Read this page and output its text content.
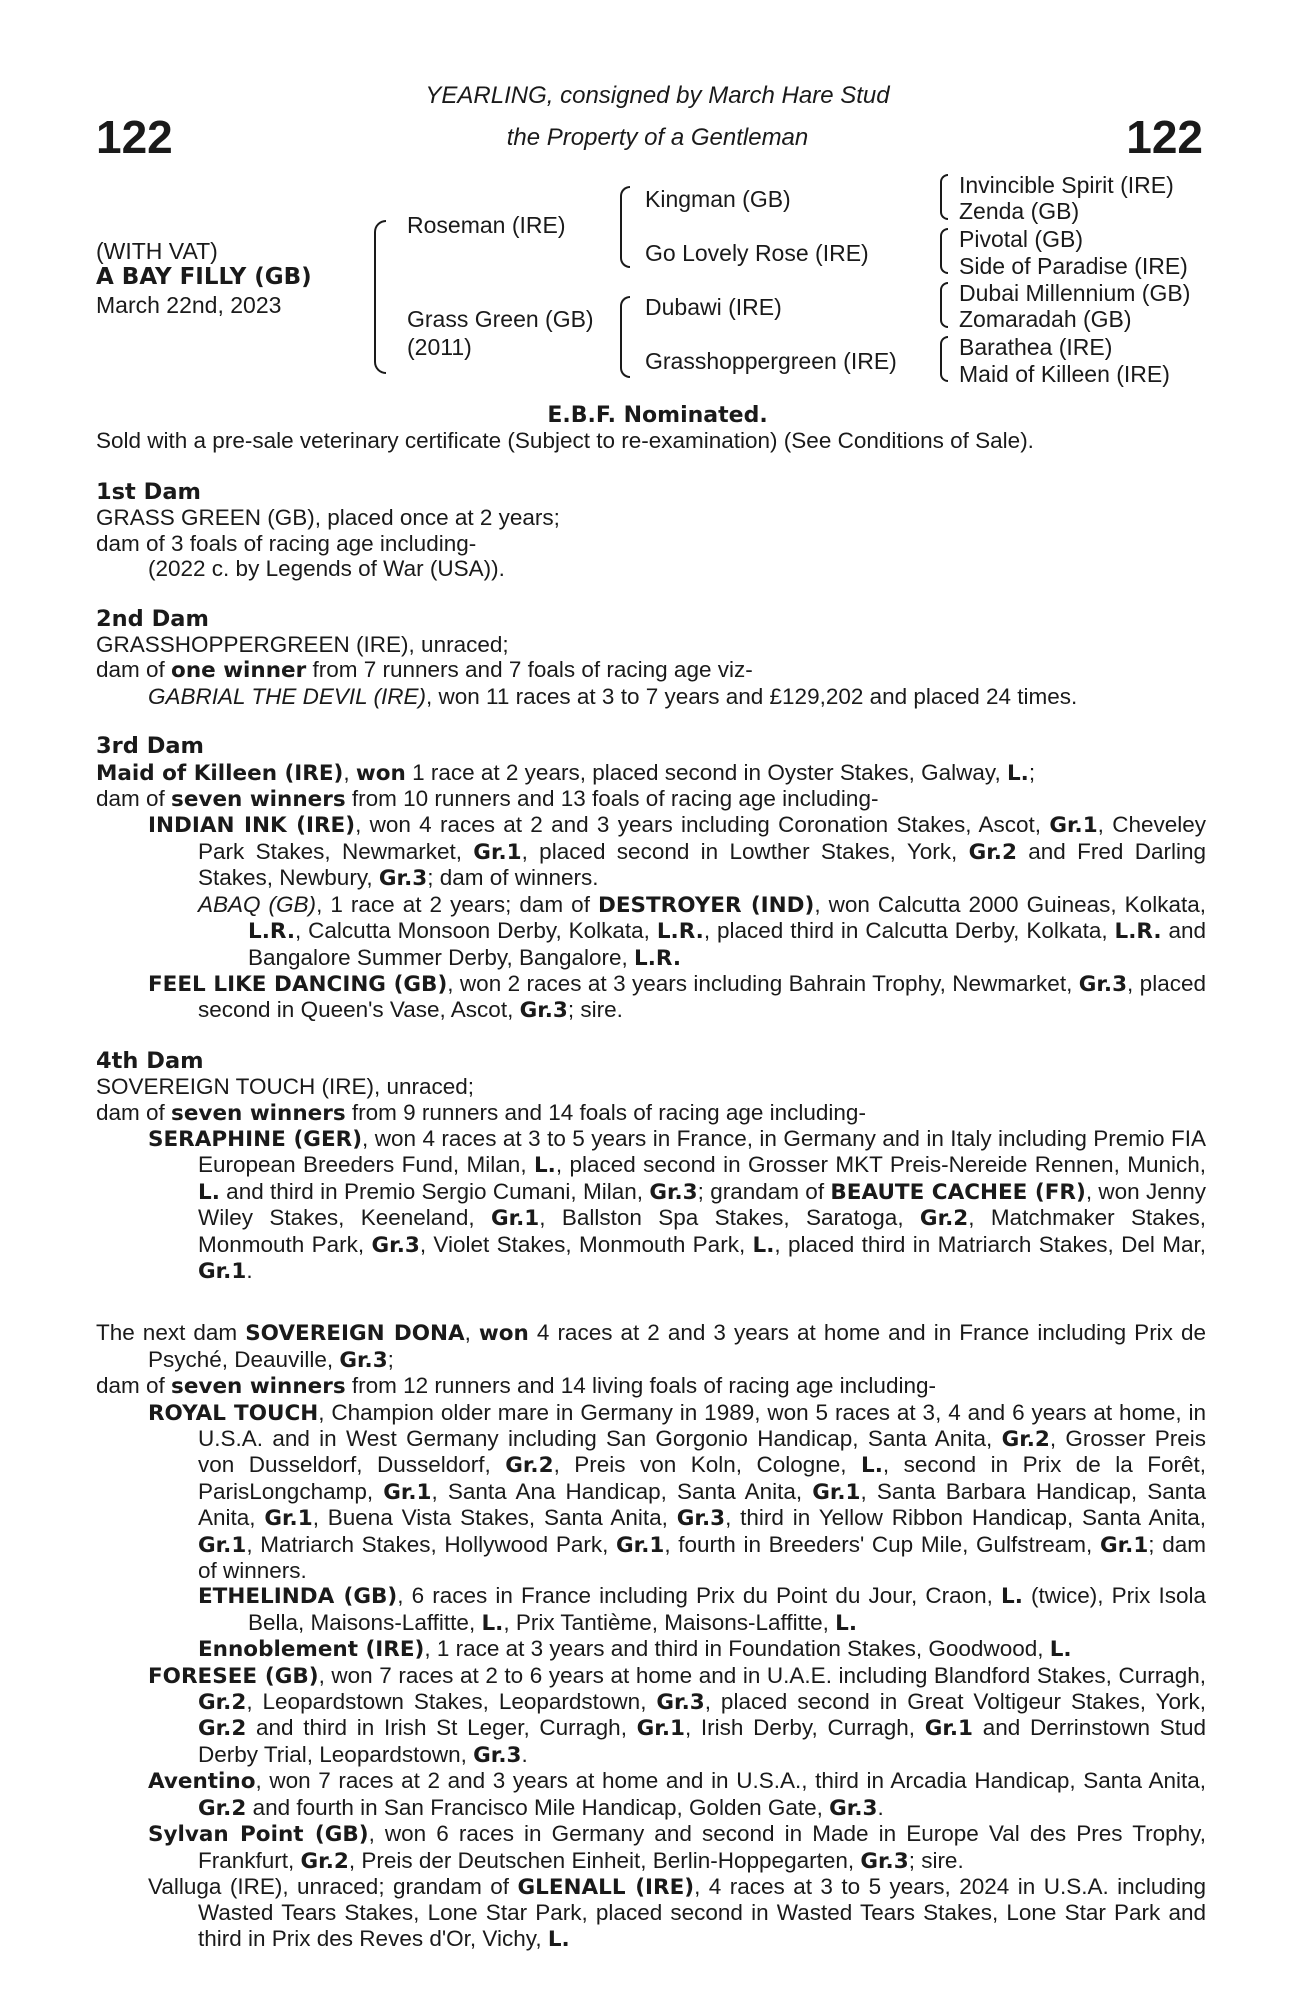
122	122
YEARLING, consigned by March Hare Stud
the Property of a Gentleman
(WITH VAT)
A BAY FILLY (GB)
March 22nd, 2023
Roseman (IRE)
Grass Green (GB)
(2011)
Kingman (GB)
Go Lovely Rose (IRE)
Dubawi (IRE)
Grasshoppergreen (IRE)
Invincible Spirit (IRE)
Zenda (GB)
Pivotal (GB)
Side of Paradise (IRE)
Dubai Millennium (GB)
Zomaradah (GB)
Barathea (IRE)
Maid of Killeen (IRE)
E.B.F. Nominated.
Sold with a pre-sale veterinary certificate (Subject to re-examination) (See Conditions of Sale).

1st Dam

GRASS GREEN (GB), placed once at 2 years;

dam of 3 foals of racing age including-

(2022 c. by Legends of War (USA)).

2nd Dam

GRASSHOPPERGREEN (IRE), unraced;

dam of one winner from 7 runners and 7 foals of racing age viz-

GABRIAL THE DEVIL (IRE), won 11 races at 3 to 7 years and £129,202 and placed 24 times.

3rd Dam

Maid of Killeen (IRE), won 1 race at 2 years, placed second in Oyster Stakes, Galway, L.;

dam of seven winners from 10 runners and 13 foals of racing age including-

INDIAN INK (IRE), won 4 races at 2 and 3 years including Coronation Stakes, Ascot, Gr.1, Cheveley Park Stakes, Newmarket, Gr.1, placed second in Lowther Stakes, York, Gr.2 and Fred Darling Stakes, Newbury, Gr.3; dam of winners.

ABAQ (GB), 1 race at 2 years; dam of DESTROYER (IND), won Calcutta 2000 Guineas, Kolkata, L.R., Calcutta Monsoon Derby, Kolkata, L.R., placed third in Calcutta Derby, Kolkata, L.R. and Bangalore Summer Derby, Bangalore, L.R.

FEEL LIKE DANCING (GB), won 2 races at 3 years including Bahrain Trophy, Newmarket, Gr.3, placed second in Queen's Vase, Ascot, Gr.3; sire.

4th Dam

SOVEREIGN TOUCH (IRE), unraced;

dam of seven winners from 9 runners and 14 foals of racing age including-

SERAPHINE (GER), won 4 races at 3 to 5 years in France, in Germany and in Italy including Premio FIA European Breeders Fund, Milan, L., placed second in Grosser MKT Preis-Nereide Rennen, Munich, L. and third in Premio Sergio Cumani, Milan, Gr.3; grandam of BEAUTE CACHEE (FR), won Jenny Wiley Stakes, Keeneland, Gr.1, Ballston Spa Stakes, Saratoga, Gr.2, Matchmaker Stakes, Monmouth Park, Gr.3, Violet Stakes, Monmouth Park, L., placed third in Matriarch Stakes, Del Mar, Gr.1.

The next dam SOVEREIGN DONA, won 4 races at 2 and 3 years at home and in France including Prix de Psyché, Deauville, Gr.3;

dam of seven winners from 12 runners and 14 living foals of racing age including-

ROYAL TOUCH, Champion older mare in Germany in 1989, won 5 races at 3, 4 and 6 years at home, in U.S.A. and in West Germany including San Gorgonio Handicap, Santa Anita, Gr.2, Grosser Preis von Dusseldorf, Dusseldorf, Gr.2, Preis von Koln, Cologne, L., second in Prix de la Forêt, ParisLongchamp, Gr.1, Santa Ana Handicap, Santa Anita, Gr.1, Santa Barbara Handicap, Santa Anita, Gr.1, Buena Vista Stakes, Santa Anita, Gr.3, third in Yellow Ribbon Handicap, Santa Anita, Gr.1, Matriarch Stakes, Hollywood Park, Gr.1, fourth in Breeders' Cup Mile, Gulfstream, Gr.1; dam of winners.

ETHELINDA (GB), 6 races in France including Prix du Point du Jour, Craon, L. (twice), Prix Isola Bella, Maisons-Laffitte, L., Prix Tantième, Maisons-Laffitte, L.

Ennoblement (IRE), 1 race at 3 years and third in Foundation Stakes, Goodwood, L.

FORESEE (GB), won 7 races at 2 to 6 years at home and in U.A.E. including Blandford Stakes, Curragh, Gr.2, Leopardstown Stakes, Leopardstown, Gr.3, placed second in Great Voltigeur Stakes, York, Gr.2 and third in Irish St Leger, Curragh, Gr.1, Irish Derby, Curragh, Gr.1 and Derrinstown Stud Derby Trial, Leopardstown, Gr.3.

Aventino, won 7 races at 2 and 3 years at home and in U.S.A., third in Arcadia Handicap, Santa Anita, Gr.2 and fourth in San Francisco Mile Handicap, Golden Gate, Gr.3.

Sylvan Point (GB), won 6 races in Germany and second in Made in Europe Val des Pres Trophy, Frankfurt, Gr.2, Preis der Deutschen Einheit, Berlin-Hoppegarten, Gr.3; sire.

Valluga (IRE), unraced; grandam of GLENALL (IRE), 4 races at 3 to 5 years, 2024 in U.S.A. including Wasted Tears Stakes, Lone Star Park, placed second in Wasted Tears Stakes, Lone Star Park and third in Prix des Reves d'Or, Vichy, L.
